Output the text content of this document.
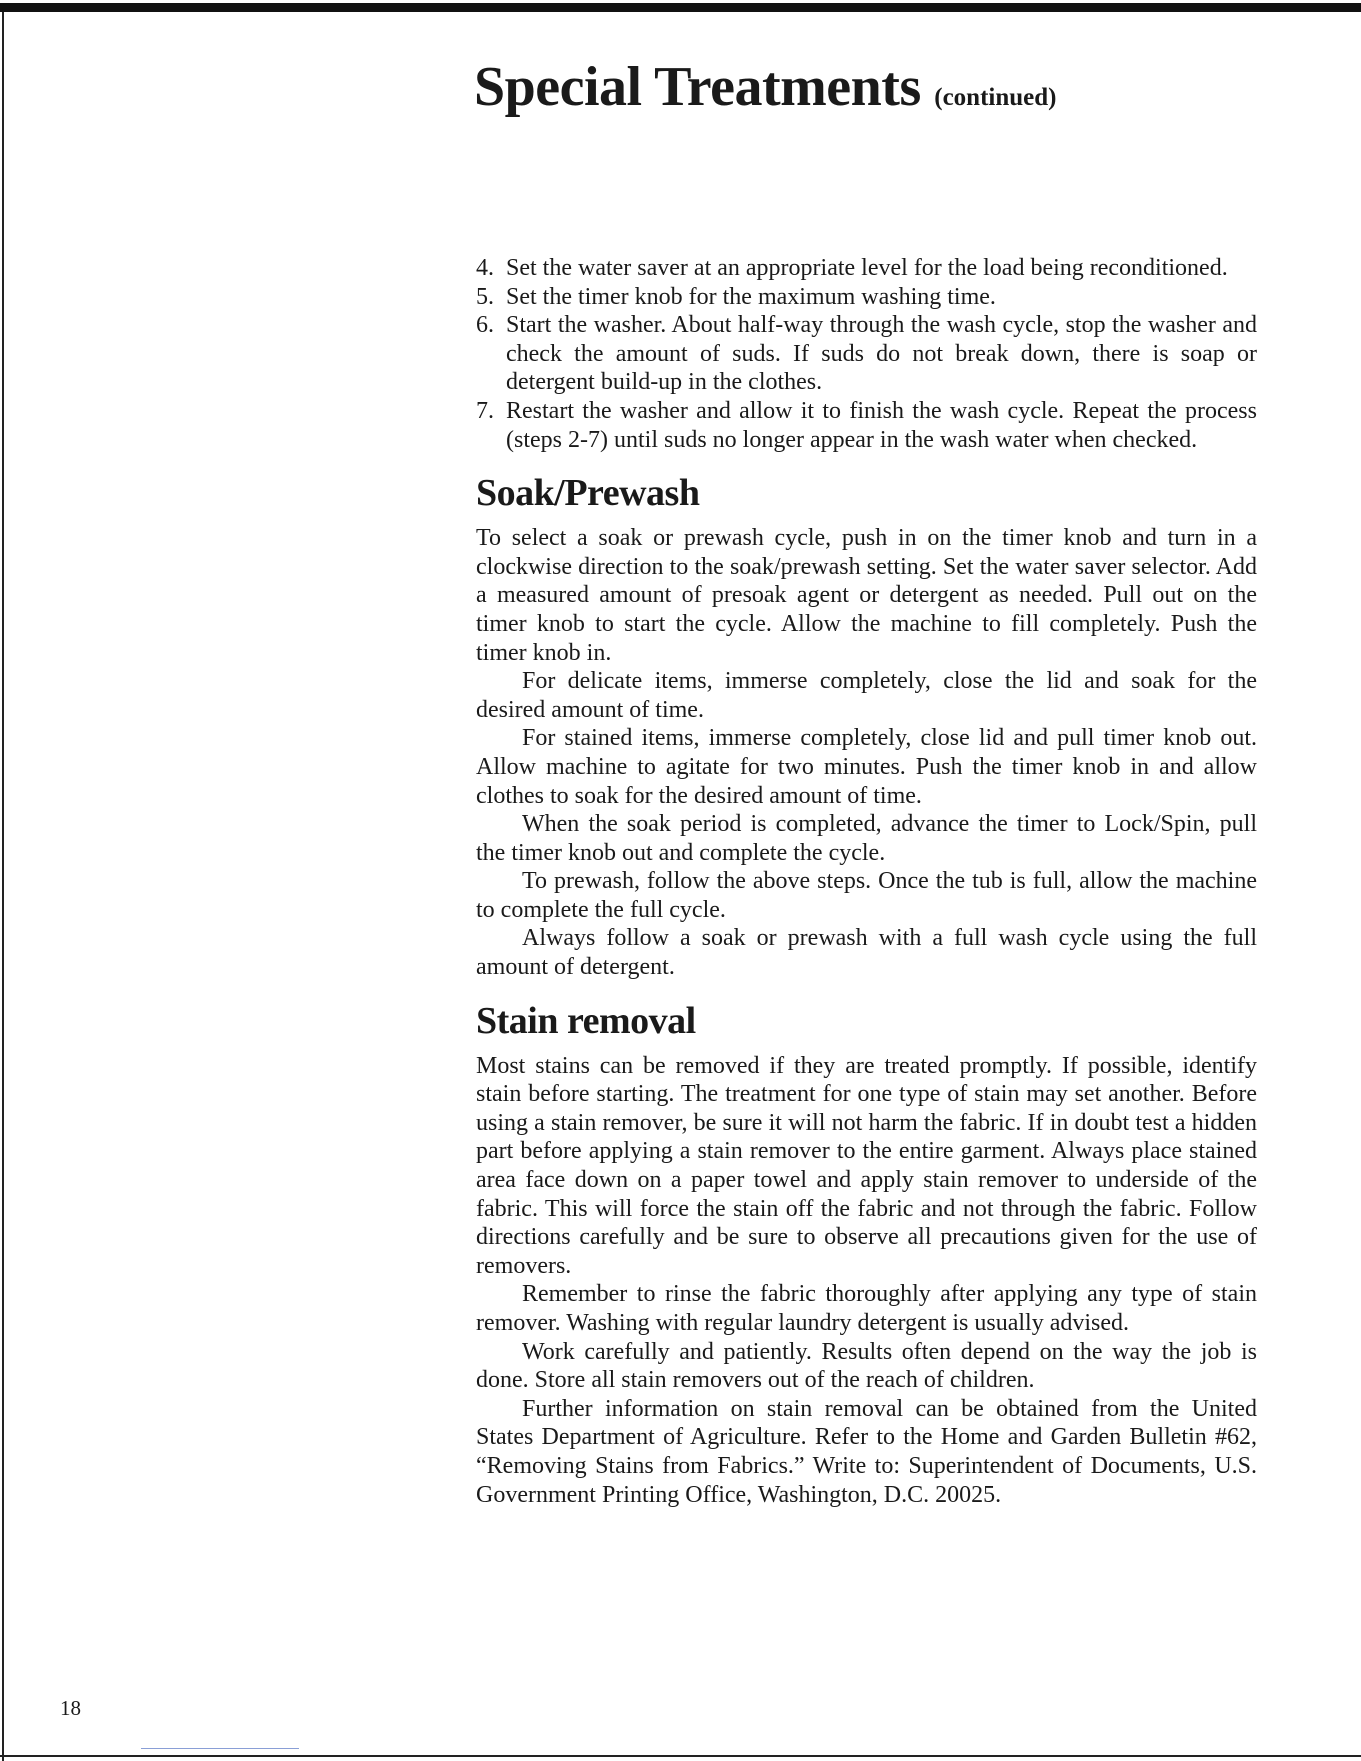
Special Treatments (continued)
4. Set the water saver at an appropriate level for the load being reconditioned.
5. Set the timer knob for the maximum washing time.
6. Start the washer. About half-way through the wash cycle, stop the washer and check the amount of suds. If suds do not break down, there is soap or detergent build-up in the clothes.
7. Restart the washer and allow it to finish the wash cycle. Repeat the process (steps 2-7) until suds no longer appear in the wash water when checked.
Soak/Prewash

To select a soak or prewash cycle, push in on the timer knob and turn in a clockwise direction to the soak/prewash setting. Set the water saver selector. Add a measured amount of presoak agent or detergent as needed. Pull out on the timer knob to start the cycle. Allow the machine to fill completely. Push the timer knob in.

For delicate items, immerse completely, close the lid and soak for the desired amount of time.

For stained items, immerse completely, close lid and pull timer knob out. Allow machine to agitate for two minutes. Push the timer knob in and allow clothes to soak for the desired amount of time.

When the soak period is completed, advance the timer to Lock/Spin, pull the timer knob out and complete the cycle.

To prewash, follow the above steps. Once the tub is full, allow the machine to complete the full cycle.

Always follow a soak or prewash with a full wash cycle using the full amount of detergent.

Stain removal

Most stains can be removed if they are treated promptly. If possible, identify stain before starting. The treatment for one type of stain may set another. Before using a stain remover, be sure it will not harm the fabric. If in doubt test a hidden part before applying a stain remover to the entire garment. Always place stained area face down on a paper towel and apply stain remover to underside of the fabric. This will force the stain off the fabric and not through the fabric. Follow directions carefully and be sure to observe all precautions given for the use of removers.

Remember to rinse the fabric thoroughly after applying any type of stain remover. Washing with regular laundry detergent is usually advised.

Work carefully and patiently. Results often depend on the way the job is done. Store all stain removers out of the reach of children.

Further information on stain removal can be obtained from the United States Department of Agriculture. Refer to the Home and Garden Bulletin #62, “Removing Stains from Fabrics.” Write to: Superintendent of Documents, U.S. Government Printing Office, Washington, D.C. 20025.

18
